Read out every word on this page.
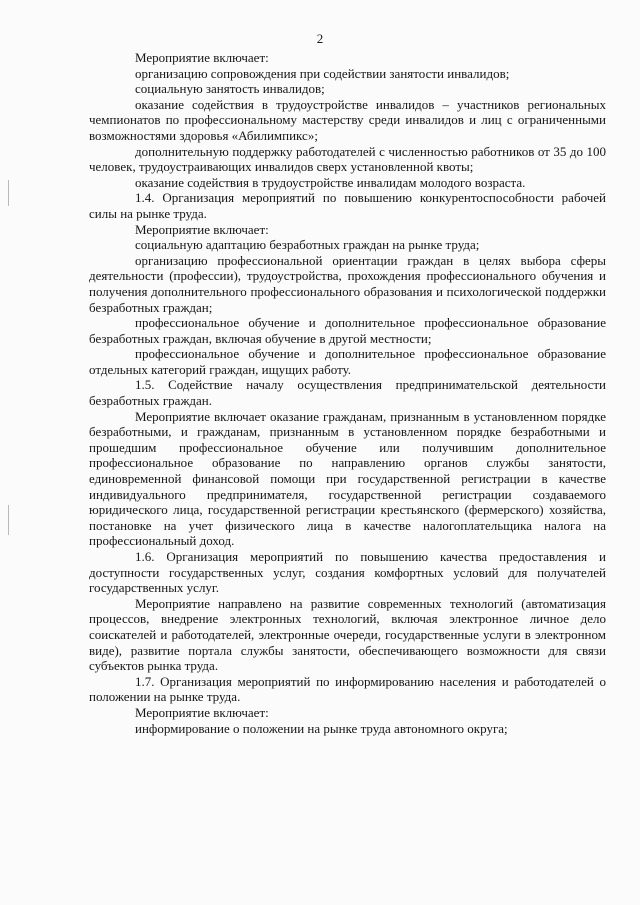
2

Мероприятие включает:

организацию сопровождения при содействии занятости инвалидов;

социальную занятость инвалидов;

оказание содействия в трудоустройстве инвалидов – участников региональных чемпионатов по профессиональному мастерству среди инвалидов и лиц с ограниченными возможностями здоровья «Абилимпикс»;

дополнительную поддержку работодателей с численностью работников от 35 до 100 человек, трудоустраивающих инвалидов сверх установленной квоты;

оказание содействия в трудоустройстве инвалидам молодого возраста.

1.4. Организация мероприятий по повышению конкурентоспособности рабочей силы на рынке труда.

Мероприятие включает:

социальную адаптацию безработных граждан на рынке труда;

организацию профессиональной ориентации граждан в целях выбора сферы деятельности (профессии), трудоустройства, прохождения профессионального обучения и получения дополнительного профессионального образования и психологической поддержки безработных граждан;

профессиональное обучение и дополнительное профессиональное образование безработных граждан, включая обучение в другой местности;

профессиональное обучение и дополнительное профессиональное образование отдельных категорий граждан, ищущих работу.

1.5. Содействие началу осуществления предпринимательской деятельности безработных граждан.

Мероприятие включает оказание гражданам, признанным в установленном порядке безработными, и гражданам, признанным в установленном порядке безработными и прошедшим профессиональное обучение или получившим дополнительное профессиональное образование по направлению органов службы занятости, единовременной финансовой помощи при государственной регистрации в качестве индивидуального предпринимателя, государственной регистрации создаваемого юридического лица, государственной регистрации крестьянского (фермерского) хозяйства, постановке на учет физического лица в качестве налогоплательщика налога на профессиональный доход.

1.6. Организация мероприятий по повышению качества предоставления и доступности государственных услуг, создания комфортных условий для получателей государственных услуг.

Мероприятие направлено на развитие современных технологий (автоматизация процессов, внедрение электронных технологий, включая электронное личное дело соискателей и работодателей, электронные очереди, государственные услуги в электронном виде), развитие портала службы занятости, обеспечивающего возможности для связи субъектов рынка труда.

1.7. Организация мероприятий по информированию населения и работодателей о положении на рынке труда.

Мероприятие включает:

информирование о положении на рынке труда автономного округа;
